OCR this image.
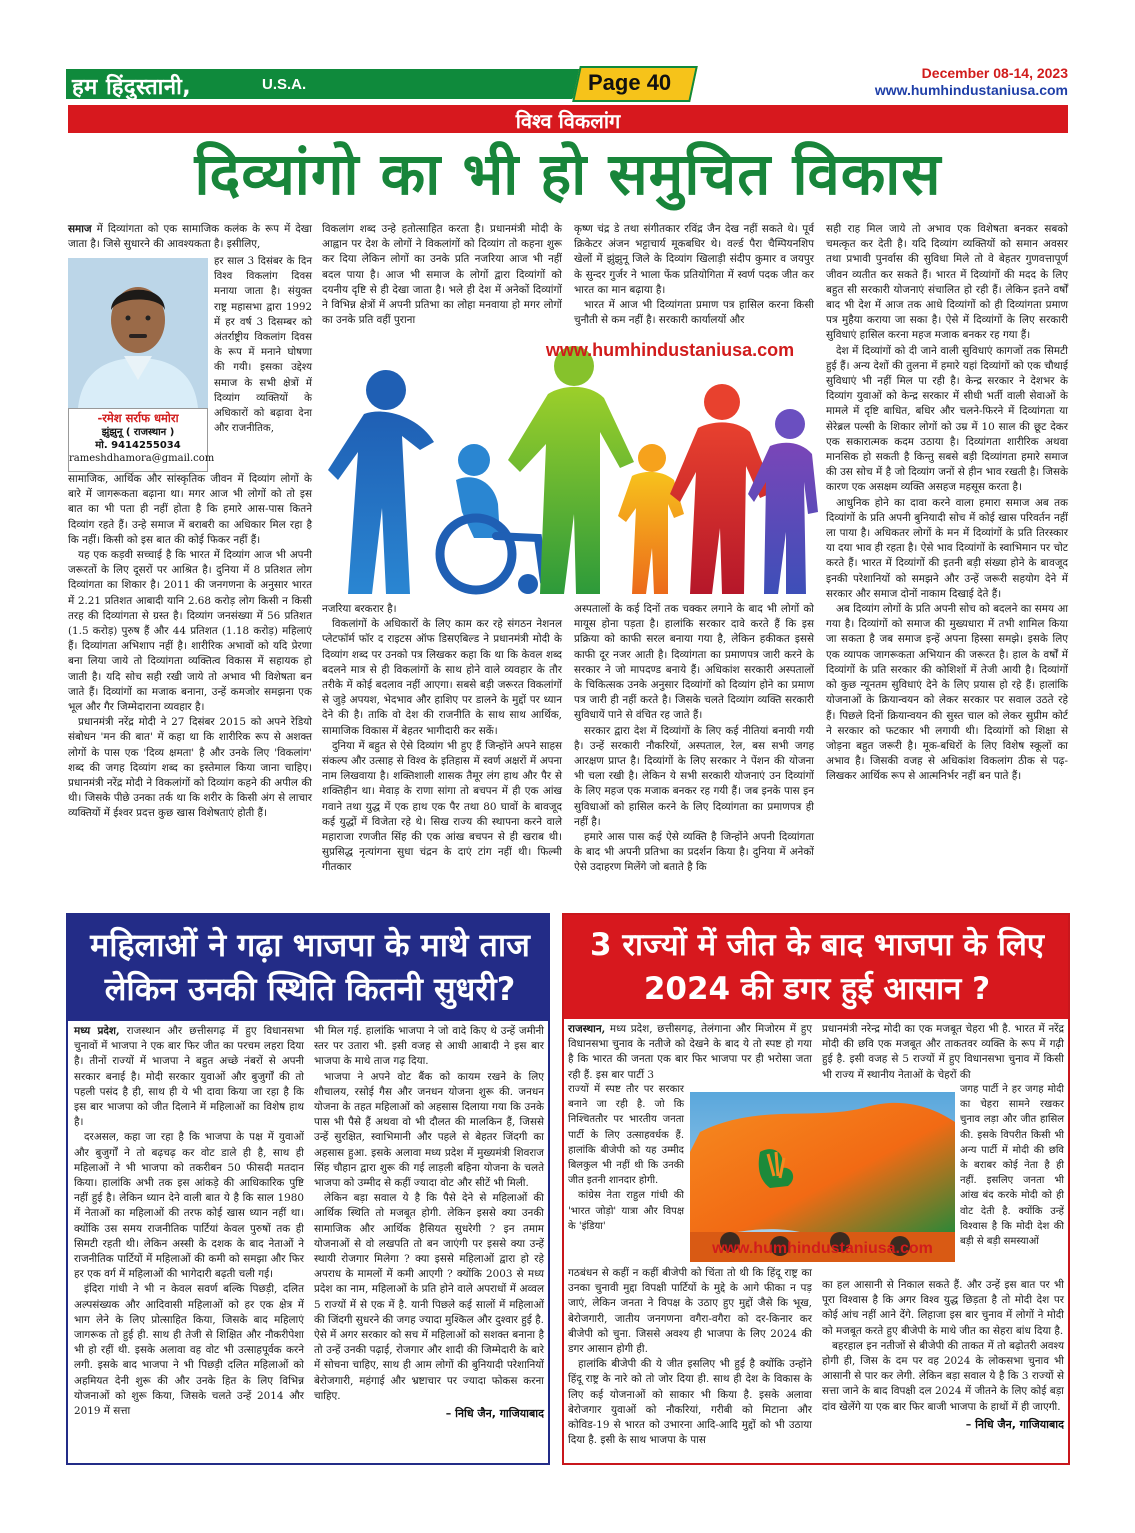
हम हिंदुस्तानी,	U.S.A.	Page 40	December 08-14, 2023
www.humhindustaniusa.com
विश्व विकलांग
दिव्यांगो का भी हो समुचित विकास

समाज में दिव्यांगता को एक सामाजिक कलंक के रूप में देखा जाता है। जिसे सुधारने की आवश्यकता है। इसीलिए,

-रमेश सर्राफ धमोरा
झुंझुनू ( राजस्थान )
मो. 9414255034
rameshdhamora@gmail.com

हर साल 3 दिसंबर के दिन विश्व विकलांग दिवस मनाया जाता है। संयुक्त राष्ट्र महासभा द्वारा 1992 में हर वर्ष 3 दिसम्बर को अंतर्राष्ट्रीय विकलांग दिवस के रूप में मनाने घोषणा की गयी। इसका उद्देश्य समाज के सभी क्षेत्रों में दिव्यांग व्यक्तियों के अधिकारों को बढ़ावा देना और राजनीतिक,

सामाजिक, आर्थिक और सांस्कृतिक जीवन में दिव्यांग लोगों के बारे में जागरूकता बढ़ाना था। मगर आज भी लोगों को तो इस बात का भी पता ही नहीं होता है कि हमारे आस-पास कितने दिव्यांग रहते हैं। उन्हे समाज में बराबरी का अधिकार मिल रहा है कि नहीं। किसी को इस बात की कोई फिकर नहीं हैं।

यह एक कड़वी सच्चाई है कि भारत में दिव्यांग आज भी अपनी जरूरतों के लिए दूसरों पर आश्रित है। दुनिया में 8 प्रतिशत लोग दिव्यांगता का शिकार है। 2011 की जनगणना के अनुसार भारत में 2.21 प्रतिशत आबादी यानि 2.68 करोड़ लोग किसी न किसी तरह की दिव्यांगता से ग्रस्त है। दिव्यांग जनसंख्या में 56 प्रतिशत (1.5 करोड़) पुरुष हैं और 44 प्रतिशत (1.18 करोड़) महिलाएं हैं। दिव्यांगता अभिशाप नहीं है। शारीरिक अभावों को यदि प्रेरणा बना लिया जाये तो दिव्यांगता व्यक्तित्व विकास में सहायक हो जाती है। यदि सोच सही रखी जाये तो अभाव भी विशेषता बन जाते हैं। दिव्यांगों का मजाक बनाना, उन्हें कमजोर समझना एक भूल और गैर जिम्मेदाराना व्यवहार है।

प्रधानमंत्री नरेंद्र मोदी ने 27 दिसंबर 2015 को अपने रेडियो संबोधन 'मन की बात' में कहा था कि शारीरिक रूप से अशक्त लोगों के पास एक 'दिव्य क्षमता' है और उनके लिए 'विकलांग' शब्द की जगह दिव्यांग शब्द का इस्तेमाल किया जाना चाहिए। प्रधानमंत्री नरेंद्र मोदी ने विकलांगों को दिव्यांग कहने की अपील की थी। जिसके पीछे उनका तर्क था कि शरीर के किसी अंग से लाचार व्यक्तियों में ईश्वर प्रदत्त कुछ खास विशेषताएं होती हैं।

विकलांग शब्द उन्हे हतोत्साहित करता है। प्रधानमंत्री मोदी के आह्वान पर देश के लोगों ने विकलांगों को दिव्यांग तो कहना शुरू कर दिया लेकिन लोगों का उनके प्रति नजरिया आज भी नहीं बदल पाया है। आज भी समाज के लोगों द्वारा दिव्यांगों को दयनीय दृष्टि से ही देखा जाता है। भले ही देश में अनेकों दिव्यांगों ने विभिन्न क्षेत्रों में अपनी प्रतिभा का लोहा मनवाया हो मगर लोगों का उनके प्रति वहीं पुराना

नजरिया बरकरार है।

विकलांगों के अधिकारों के लिए काम कर रहे संगठन नेशनल प्लेटफॉर्म फॉर द राइटस ऑफ डिसएबिल्ड ने प्रधानमंत्री मोदी के दिव्यांग शब्द पर उनको पत्र लिखकर कहा कि था कि केवल शब्द बदलने मात्र से ही विकलांगों के साथ होने वाले व्यवहार के तौर तरीके में कोई बदलाव नहीं आएगा। सबसे बड़ी जरूरत विकलांगों से जुड़े अपयश, भेदभाव और हाशिए पर डालने के मुद्दों पर ध्यान देने की है। ताकि वो देश की राजनीति के साथ साथ आर्थिक, सामाजिक विकास में बेहतर भागीदारी कर सकें।

दुनिया में बहुत से ऐसे दिव्यांग भी हुए हैं जिन्होंने अपने साहस संकल्प और उत्साह से विश्व के इतिहास में स्वर्ण अक्षरों में अपना नाम लिखवाया है। शक्तिशाली शासक तैमूर लंग हाथ और पैर से शक्तिहीन था। मेवाड़ के राणा सांगा तो बचपन में ही एक आंख गवाने तथा युद्ध में एक हाथ एक पैर तथा 80 घावों के बावजूद कई युद्धों में विजेता रहे थे। सिख राज्य की स्थापना करने वाले महाराजा रणजीत सिंह की एक आंख बचपन से ही खराब थी। सुप्रसिद्ध नृत्यांगना सुधा चंद्रन के दाएं टांग नहीं थी। फिल्मी गीतकार

कृष्ण चंद्र डे तथा संगीतकार रविंद्र जैन देख नहीं सकते थे। पूर्व क्रिकेटर अंजन भट्टाचार्य मूकबधिर थे। वर्ल्ड पैरा चैम्पियनशिप खेलों में झुंझुनू जिले के दिव्यांग खिलाड़ी संदीप कुमार व जयपुर के सुन्दर गुर्जर ने भाला फेंक प्रतियोगिता में स्वर्ण पदक जीत कर भारत का मान बढ़ाया है।

भारत में आज भी दिव्यांगता प्रमाण पत्र हासिल करना किसी चुनौती से कम नहीं है। सरकारी कार्यालयों और

अस्पतालों के कई दिनों तक चक्कर लगाने के बाद भी लोगों को मायूस होना पड़ता है। हालांकि सरकार दावे करते हैं कि इस प्रक्रिया को काफी सरल बनाया गया है, लेकिन हकीकत इससे काफी दूर नजर आती है। दिव्यांगता का प्रमाणपत्र जारी करने के सरकार ने जो मापदण्ड बनाये हैं। अधिकांश सरकारी अस्पतालों के चिकित्सक उनके अनुसार दिव्यांगों को दिव्यांग होने का प्रमाण पत्र जारी ही नहीं करते है। जिसके चलते दिव्यांग व्यक्ति सरकारी सुविधायें पाने से वंचित रह जाते हैं।

सरकार द्वारा देश में दिव्यांगों के लिए कई नीतियां बनायी गयी है। उन्हें सरकारी नौकरियों, अस्पताल, रेल, बस सभी जगह आरक्षण प्राप्त है। दिव्यांगों के लिए सरकार ने पेंशन की योजना भी चला रखी है। लेकिन ये सभी सरकारी योजनाएं उन दिव्यांगों के लिए महज एक मजाक बनकर रह गयी हैं। जब इनके पास इन सुविधाओं को हासिल करने के लिए दिव्यांगता का प्रमाणपत्र ही नहीं है।

हमारे आस पास कई ऐसे व्यक्ति है जिन्होंने अपनी दिव्यांगता के बाद भी अपनी प्रतिभा का प्रदर्शन किया है। दुनिया में अनेकों ऐसे उदाहरण मिलेंगे जो बताते है कि

सही राह मिल जाये तो अभाव एक विशेषता बनकर सबको चमत्कृत कर देती है। यदि दिव्यांग व्यक्तियों को समान अवसर तथा प्रभावी पुनर्वास की सुविधा मिले तो वे बेहतर गुणवत्तापूर्ण जीवन व्यतीत कर सकते हैं। भारत में दिव्यांगों की मदद के लिए बहुत सी सरकारी योजनाएं संचालित हो रही हैं। लेकिन इतने वर्षों बाद भी देश में आज तक आधे दिव्यांगों को ही दिव्यांगता प्रमाण पत्र मुहैया कराया जा सका है। ऐसे में दिव्यांगों के लिए सरकारी सुविधाएं हासिल करना महज मजाक बनकर रह गया हैं।

देश में दिव्यांगों को दी जाने वाली सुविधाएं कागजों तक सिमटी हुई हैं। अन्य देशों की तुलना में हमारे यहां दिव्यांगों को एक चौथाई सुविधाएं भी नहीं मिल पा रही है। केन्द्र सरकार ने देशभर के दिव्यांग युवाओं को केन्द्र सरकार में सीधी भर्ती वाली सेवाओं के मामले में दृष्टि बाधित, बधिर और चलने-फिरने में दिव्यांगता या सेरेब्रल पल्सी के शिकार लोगों को उम्र में 10 साल की छूट देकर एक सकारात्मक कदम उठाया है। दिव्यांगता शारीरिक अथवा मानसिक हो सकती है किन्तु सबसे बड़ी दिव्यांगता हमारे समाज की उस सोच में है जो दिव्यांग जनों से हीन भाव रखती है। जिसके कारण एक असक्षम व्यक्ति असहज महसूस करता है।

आधुनिक होने का दावा करने वाला हमारा समाज अब तक दिव्यांगों के प्रति अपनी बुनियादी सोच में कोई खास परिवर्तन नहीं ला पाया है। अधिकतर लोगों के मन में दिव्यांगों के प्रति तिरस्कार या दया भाव ही रहता है। ऐसे भाव दिव्यांगों के स्वाभिमान पर चोट करते हैं। भारत में दिव्यांगों की इतनी बड़ी संख्या होने के बावजूद इनकी परेशानियों को समझने और उन्हें जरूरी सहयोग देने में सरकार और समाज दोनों नाकाम दिखाई देते हैं।

अब दिव्यांग लोगों के प्रति अपनी सोच को बदलने का समय आ गया है। दिव्यांगों को समाज की मुख्यधारा में तभी शामिल किया जा सकता है जब समाज इन्हें अपना हिस्सा समझे। इसके लिए एक व्यापक जागरूकता अभियान की जरूरत है। हाल के वर्षों में दिव्यांगों के प्रति सरकार की कोशिशों में तेजी आयी है। दिव्यांगों को कुछ न्यूनतम सुविधाएं देने के लिए प्रयास हो रहे हैं। हालांकि योजनाओं के क्रियान्वयन को लेकर सरकार पर सवाल उठते रहे हैं। पिछले दिनों क्रियान्वयन की सुस्त चाल को लेकर सुप्रीम कोर्ट ने सरकार को फटकार भी लगायी थी। दिव्यांगों को शिक्षा से जोड़ना बहुत जरूरी है। मूक-बधिरों के लिए विशेष स्कूलों का अभाव है। जिसकी वजह से अधिकांश विकलांग ठीक से पढ़-लिखकर आर्थिक रूप से आत्मनिर्भर नहीं बन पाते हैं।

www.humhindustaniusa.com
महिलाओं ने गढ़ा भाजपा के माथे ताज लेकिन उनकी स्थिति कितनी सुधरी?

मध्य प्रदेश, राजस्थान और छत्तीसगढ़ में हुए विधानसभा चुनावों में भाजपा ने एक बार फिर जीत का परचम लहरा दिया है। तीनों राज्यों में भाजपा ने बहुत अच्छे नंबरों से अपनी सरकार बनाई है। मोदी सरकार युवाओं और बुजुर्गों की तो पहली पसंद है ही, साथ ही ये भी दावा किया जा रहा है कि इस बार भाजपा को जीत दिलाने में महिलाओं का विशेष हाथ है।

दरअसल, कहा जा रहा है कि भाजपा के पक्ष में युवाओं और बुजुर्गों ने तो बढ़चढ़ कर वोट डाले ही है, साथ ही महिलाओं ने भी भाजपा को तकरीबन 50 फीसदी मतदान किया। हालांकि अभी तक इस आंकड़े की आधिकारिक पुष्टि नहीं हुई है। लेकिन ध्यान देने वाली बात ये है कि साल 1980 में नेताओं का महिलाओं की तरफ कोई खास ध्यान नहीं था। क्योंकि उस समय राजनीतिक पार्टियां केवल पुरुषों तक ही सिमटी रहती थी। लेकिन अस्सी के दशक के बाद नेताओं ने राजनीतिक पार्टियों में महिलाओं की कमी को समझा और फिर हर एक वर्ग में महिलाओं की भागेदारी बढ़ती चली गई।

इंदिरा गांधी ने भी न केवल सवर्ण बल्कि पिछड़ी, दलित अल्पसंख्यक और आदिवासी महिलाओं को हर एक क्षेत्र में भाग लेने के लिए प्रोत्साहित किया, जिसके बाद महिलाएं जागरूक तो हुई ही. साथ ही तेजी से शिक्षित और नौकरीपेशा भी हो रहीं थी. इसके अलावा वह वोट भी उत्साहपूर्वक करने लगी. इसके बाद भाजपा ने भी पिछड़ी दलित महिलाओं को अहमियत देनी शुरू की और उनके हित के लिए विभिन्न योजनाओं को शुरू किया, जिसके चलते उन्हें 2014 और 2019 में सत्ता

भी मिल गई. हालांकि भाजपा ने जो वादे किए थे उन्हें जमीनी स्तर पर उतारा भी. इसी वजह से आधी आबादी ने इस बार भाजपा के माथे ताज गढ़ दिया.

भाजपा ने अपने वोट बैंक को कायम रखने के लिए शौचालय, रसोई गैस और जनधन योजना शुरू की. जनधन योजना के तहत महिलाओं को अहसास दिलाया गया कि उनके पास भी पैसे हैं अथवा वो भी दौलत की मालकिन हैं, जिससे उन्हें सुरक्षित, स्वाभिमानी और पहले से बेहतर जिंदगी का अहसास हुआ. इसके अलावा मध्य प्रदेश में मुख्यमंत्री शिवराज सिंह चौहान द्वारा शुरू की गई लाड़ली बहिना योजना के चलते भाजपा को उम्मीद से कहीं ज्यादा वोट और सीटें भी मिली.

लेकिन बड़ा सवाल ये है कि पैसे देने से महिलाओं की आर्थिक स्थिति तो मजबूत होगी. लेकिन इससे क्या उनकी सामाजिक और आर्थिक हैसियत सुधरेगी ? इन तमाम योजनाओं से वो लखपति तो बन जाएंगी पर इससे क्या उन्हें स्थायी रोजगार मिलेगा ? क्या इससे महिलाओं द्वारा हो रहे अपराध के मामलों में कमी आएगी ? क्योंकि 2003 से मध्य प्रदेश का नाम, महिलाओं के प्रति होने वाले अपराधों में अव्वल 5 राज्यों में से एक में है. यानी पिछले कई सालों में महिलाओं की जिंदगी सुधरने की जगह ज्यादा मुश्किल और दुश्वार हुई है. ऐसे में अगर सरकार को सच में महिलाओं को सशक्त बनाना है तो उन्हें उनकी पढ़ाई, रोजगार और शादी की जिम्मेदारी के बारे में सोचना चाहिए, साथ ही आम लोगों की बुनियादी परेशानियों बेरोजगारी, महंगाई और भ्रष्टाचार पर ज्यादा फोकस करना चाहिए.

– निधि जैन, गाजियाबाद
3 राज्यों में जीत के बाद भाजपा के लिए 2024 की डगर हुई आसान ?

राजस्थान, मध्य प्रदेश, छत्तीसगढ़, तेलंगाना और मिजोरम में हुए विधानसभा चुनाव के नतीजे को देखने के बाद ये तो स्पष्ट हो गया है कि भारत की जनता एक बार फिर भाजपा पर ही भरोसा जता रही हैं. इस बार पार्टी 3

राज्यों में स्पष्ट तौर पर सरकार बनाने जा रही है. जो कि निश्चिततौर पर भारतीय जनता पार्टी के लिए उत्साहवर्धक हैं. हालांकि बीजेपी को यह उम्मीद बिलकुल भी नहीं थी कि उनकी जीत इतनी शानदार होगी.

कांग्रेस नेता राहुल गांधी की 'भारत जोड़ो' यात्रा और विपक्ष के 'इंडिया'

गठबंधन से कहीं न कहीं बीजेपी को चिंता तो थी कि हिंदू राष्ट्र का उनका चुनावी मुद्दा विपक्षी पार्टियों के मुद्दे के आगे फीका न पड़ जाएं, लेकिन जनता ने विपक्ष के उठाए हुए मुद्दों जैसे कि भूख, बेरोजगारी, जातीय जनगणना वगैरा-वगैरा को दर-किनार कर बीजेपी को चुना. जिससे अवश्य ही भाजपा के लिए 2024 की डगर आसान होगी ही.

हालांकि बीजेपी की ये जीत इसलिए भी हुई है क्योंकि उन्होंने हिंदू राष्ट्र के नारे को तो जोर दिया ही. साथ ही देश के विकास के लिए कई योजनाओं को साकार भी किया है. इसके अलावा बेरोजगार युवाओं को नौकरियां, गरीबी को मिटाना और कोविड-19 से भारत को उभारना आदि-आदि मुद्दों को भी उठाया दिया है. इसी के साथ भाजपा के पास

प्रधानमंत्री नरेन्द्र मोदी का एक मजबूत चेहरा भी है. भारत में नरेंद्र मोदी की छवि एक मजबूत और ताकतवर व्यक्ति के रूप में गढ़ी हुई है. इसी वजह से 5 राज्यों में हुए विधानसभा चुनाव में किसी भी राज्य में स्थानीय नेताओं के चेहरों की

जगह पार्टी ने हर जगह मोदी का चेहरा सामने रखकर चुनाव लड़ा और जीत हासिल की. इसके विपरीत किसी भी अन्य पार्टी में मोदी की छवि के बराबर कोई नेता है ही नहीं. इसलिए जनता भी आंख बंद करके मोदी को ही वोट देती है. क्योंकि उन्हें विश्वास है कि मोदी देश की बड़ी से बड़ी समस्याओं

का हल आसानी से निकाल सकते हैं. और उन्हें इस बात पर भी पूरा विश्वास है कि अगर विश्व युद्ध छिड़ता है तो मोदी देश पर कोई आंच नहीं आने देंगे. लिहाजा इस बार चुनाव में लोगों ने मोदी को मजबूत करते हुए बीजेपी के माथे जीत का सेहरा बांध दिया है.

बहरहाल इन नतीजों से बीजेपी की ताकत में तो बढ़ोतरी अवश्य होगी ही, जिस के दम पर वह 2024 के लोकसभा चुनाव भी आसानी से पार कर लेगी. लेकिन बड़ा सवाल ये है कि 3 राज्यों से सत्ता जाने के बाद विपक्षी दल 2024 में जीतने के लिए कोई बड़ा दांव खेलेंगे या एक बार फिर बाजी भाजपा के हाथों में ही जाएगी.

– निधि जैन, गाजियाबाद
www.humhindustaniusa.com
